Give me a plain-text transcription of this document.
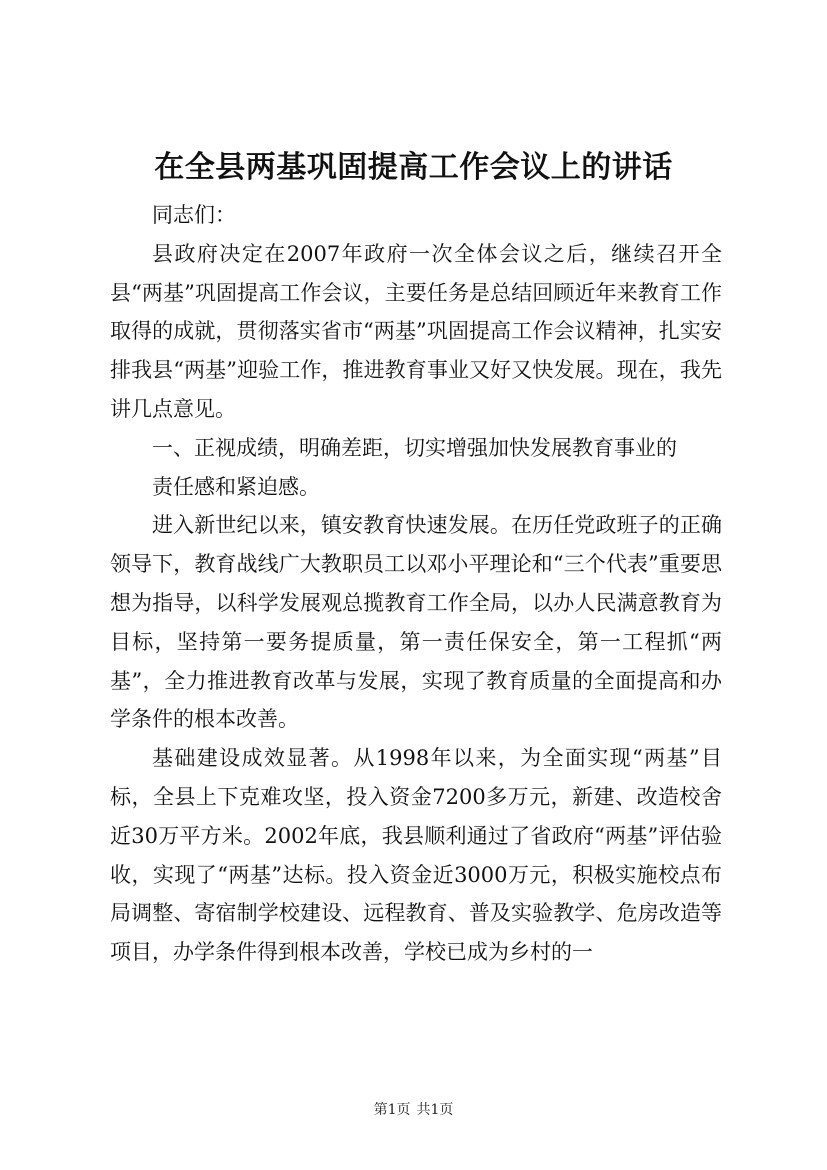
在全县两基巩固提高工作会议上的讲话

同志们：

县政府决定在2007年政府一次全体会议之后，继续召开全县“两基”巩固提高工作会议，主要任务是总结回顾近年来教育工作取得的成就，贯彻落实省市“两基”巩固提高工作会议精神，扎实安排我县“两基”迎验工作，推进教育事业又好又快发展。现在，我先讲几点意见。

一、正视成绩，明确差距，切实增强加快发展教育事业的

责任感和紧迫感。

进入新世纪以来，镇安教育快速发展。在历任党政班子的正确领导下，教育战线广大教职员工以邓小平理论和“三个代表”重要思想为指导，以科学发展观总揽教育工作全局，以办人民满意教育为目标，坚持第一要务提质量，第一责任保安全，第一工程抓“两基”，全力推进教育改革与发展，实现了教育质量的全面提高和办学条件的根本改善。

基础建设成效显著。从1998年以来，为全面实现“两基”目标，全县上下克难攻坚，投入资金7200多万元，新建、改造校舍近30万平方米。2002年底，我县顺利通过了省政府“两基”评估验收，实现了“两基”达标。投入资金近3000万元，积极实施校点布局调整、寄宿制学校建设、远程教育、普及实验教学、危房改造等项目，办学条件得到根本改善，学校已成为乡村的一

第1页 共1页
